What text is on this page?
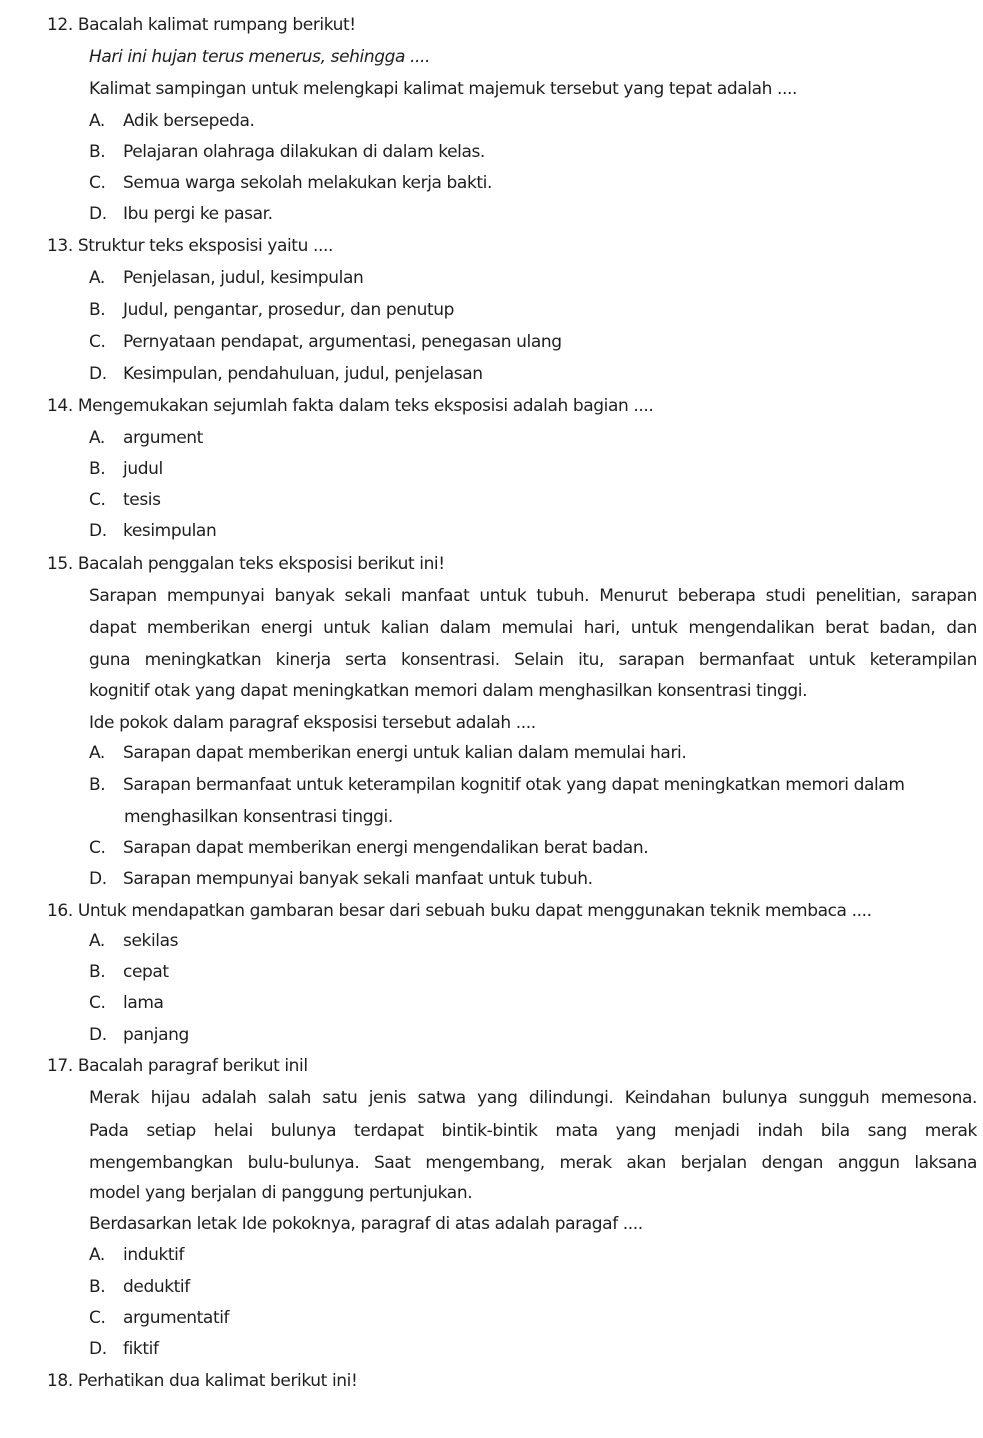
12. Bacalah kalimat rumpang berikut!
Hari ini hujan terus menerus, sehingga ....
Kalimat sampingan untuk melengkapi kalimat majemuk tersebut yang tepat adalah ....
A. Adik bersepeda.
B. Pelajaran olahraga dilakukan di dalam kelas.
C. Semua warga sekolah melakukan kerja bakti.
D. Ibu pergi ke pasar.
13. Struktur teks eksposisi yaitu ....
A. Penjelasan, judul, kesimpulan
B. Judul, pengantar, prosedur, dan penutup
C. Pernyataan pendapat, argumentasi, penegasan ulang
D. Kesimpulan, pendahuluan, judul, penjelasan
14. Mengemukakan sejumlah fakta dalam teks eksposisi adalah bagian ....
A. argument
B. judul
C. tesis
D. kesimpulan
15. Bacalah penggalan teks eksposisi berikut ini!
Sarapan mempunyai banyak sekali manfaat untuk tubuh. Menurut beberapa studi penelitian, sarapan
dapat memberikan energi untuk kalian dalam memulai hari, untuk mengendalikan berat badan, dan
guna meningkatkan kinerja serta konsentrasi. Selain itu, sarapan bermanfaat untuk keterampilan
kognitif otak yang dapat meningkatkan memori dalam menghasilkan konsentrasi tinggi.
Ide pokok dalam paragraf eksposisi tersebut adalah ....
A. Sarapan dapat memberikan energi untuk kalian dalam memulai hari.
B. Sarapan bermanfaat untuk keterampilan kognitif otak yang dapat meningkatkan memori dalam
menghasilkan konsentrasi tinggi.
C. Sarapan dapat memberikan energi mengendalikan berat badan.
D. Sarapan mempunyai banyak sekali manfaat untuk tubuh.
16. Untuk mendapatkan gambaran besar dari sebuah buku dapat menggunakan teknik membaca ....
A. sekilas
B. cepat
C. lama
D. panjang
17. Bacalah paragraf berikut inil
Merak hijau adalah salah satu jenis satwa yang dilindungi. Keindahan bulunya sungguh memesona.
Pada setiap helai bulunya terdapat bintik-bintik mata yang menjadi indah bila sang merak
mengembangkan bulu-bulunya. Saat mengembang, merak akan berjalan dengan anggun laksana
model yang berjalan di panggung pertunjukan.
Berdasarkan letak Ide pokoknya, paragraf di atas adalah paragaf ....
A. induktif
B. deduktif
C. argumentatif
D. fiktif
18. Perhatikan dua kalimat berikut ini!
